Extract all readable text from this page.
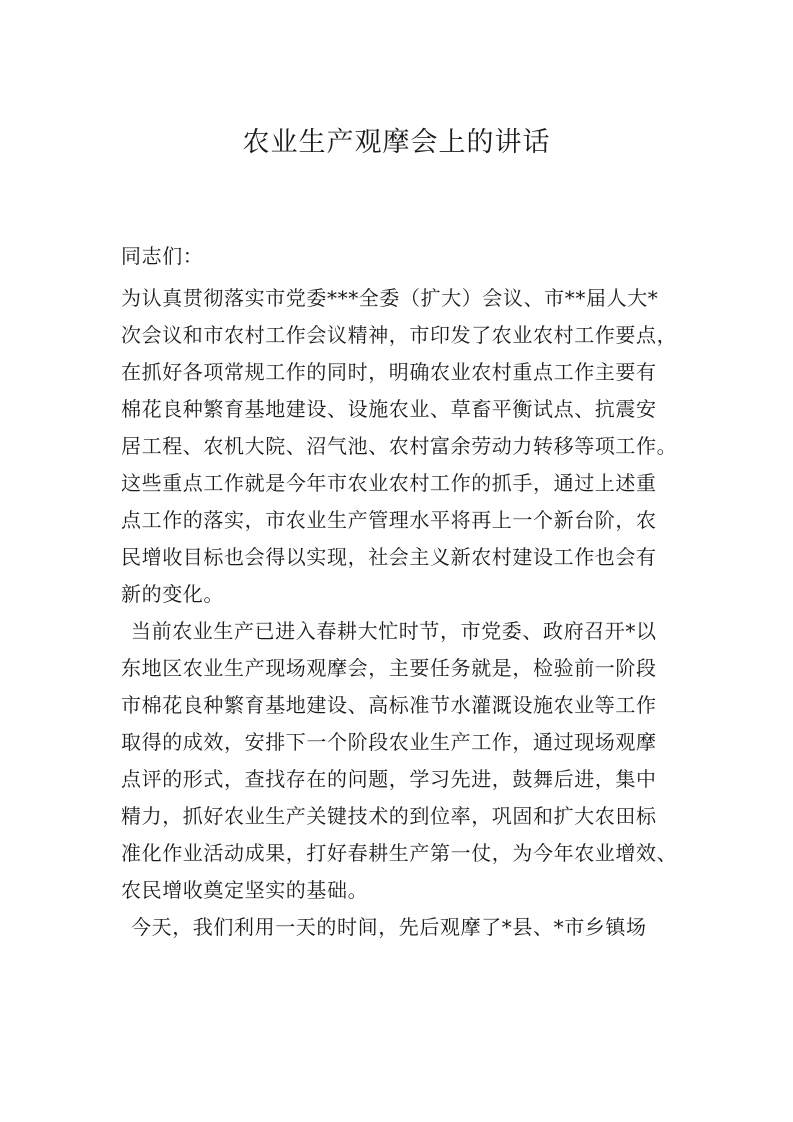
农业生产观摩会上的讲话
同志们：
为认真贯彻落实市党委***全委（扩大）会议、市**届人大*
次会议和市农村工作会议精神，市印发了农业农村工作要点，
在抓好各项常规工作的同时，明确农业农村重点工作主要有
棉花良种繁育基地建设、设施农业、草畜平衡试点、抗震安
居工程、农机大院、沼气池、农村富余劳动力转移等项工作。
这些重点工作就是今年市农业农村工作的抓手，通过上述重
点工作的落实，市农业生产管理水平将再上一个新台阶，农
民增收目标也会得以实现，社会主义新农村建设工作也会有
新的变化。
当前农业生产已进入春耕大忙时节，市党委、政府召开*以
东地区农业生产现场观摩会，主要任务就是，检验前一阶段
市棉花良种繁育基地建设、高标准节水灌溉设施农业等工作
取得的成效，安排下一个阶段农业生产工作，通过现场观摩
点评的形式，查找存在的问题，学习先进，鼓舞后进，集中
精力，抓好农业生产关键技术的到位率，巩固和扩大农田标
准化作业活动成果，打好春耕生产第一仗，为今年农业增效、
农民增收奠定坚实的基础。
今天，我们利用一天的时间，先后观摩了*县、*市乡镇场
